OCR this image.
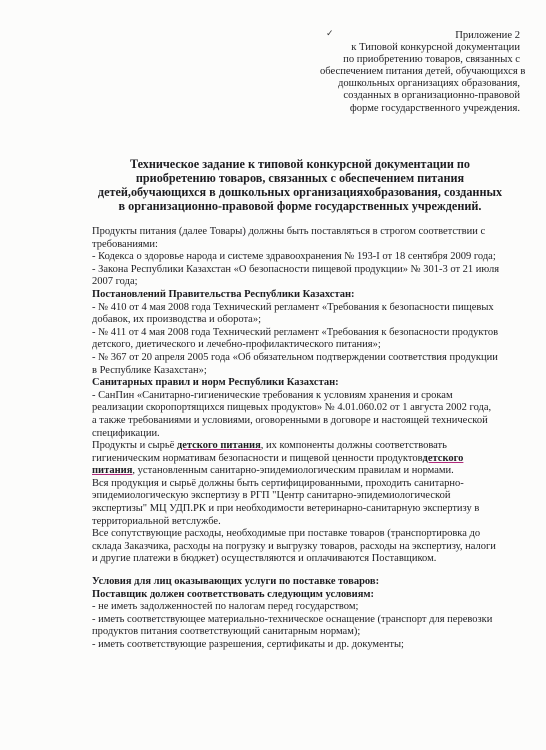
✓	Приложение 2
к Типовой конкурсной документации
по приобретению товаров, связанных с
обеспечением питания детей, обучающихся в
дошкольных организациях образования,
созданных в организационно-правовой
форме государственного учреждения.
Техническое задание к типовой конкурсной документации по
приобретению товаров, связанных с обеспечением питания
детей,обучающихся в дошкольных организацияхобразования, созданных
в организационно-правовой форме государственных учреждений.
Продукты питания (далее Товары) должны быть поставляться в строгом соответствии с
требованиями:
- Кодекса о здоровье народа и системе здравоохранения № 193-I от 18 сентября 2009 года;
- Закона Республики Казахстан «О безопасности пищевой продукции» № 301-3 от 21 июля
2007 года;
Постановлений Правительства Республики Казахстан:
- № 410 от 4 мая 2008 года Технический регламент «Требования к безопасности пищевых
добавок, их производства и оборота»;
- № 411 от 4 мая 2008 года Технический регламент «Требования к безопасности продуктов
детского, диетического и лечебно-профилактического питания»;
- № 367 от 20 апреля 2005 года «Об обязательном подтверждении соответствия продукции
в Республике Казахстан»;
Санитарных правил и норм Республики Казахстан:
- СанПин «Санитарно-гигиенические требования к условиям хранения и срокам
реализации скоропортящихся пищевых продуктов» № 4.01.060.02 от 1 августа 2002 года,
а также требованиями и условиями, оговоренными в договоре и настоящей технической
спецификации.
Продукты и сырьё детского питания, их компоненты должны соответствовать
гигиеническим нормативам безопасности и пищевой ценности продуктовдетского
питания, установленным санитарно-эпидемиологическим правилам и нормами.
Вся продукция и сырьё должны быть сертифицированными, проходить санитарно-
эпидемиологическую экспертизу в РГП "Центр санитарно-эпидемиологической
экспертизы" МЦ УДП.РК и при необходимости ветеринарно-санитарную экспертизу в
территориальной ветслужбе.
Все сопутствующие расходы, необходимые при поставке товаров (транспортировка до
склада Заказчика, расходы на погрузку и выгрузку товаров, расходы на экспертизу, налоги
и другие платежи в бюджет) осуществляются и оплачиваются Поставщиком.
Условия для лиц оказывающих услуги по поставке товаров:
Поставщик должен соответствовать следующим условиям:
- не иметь задолженностей по налогам перед государством;
- иметь соответствующее материально-техническое оснащение (транспорт для перевозки
продуктов питания соответствующий санитарным нормам);
- иметь соответствующие разрешения, сертификаты и др. документы;
